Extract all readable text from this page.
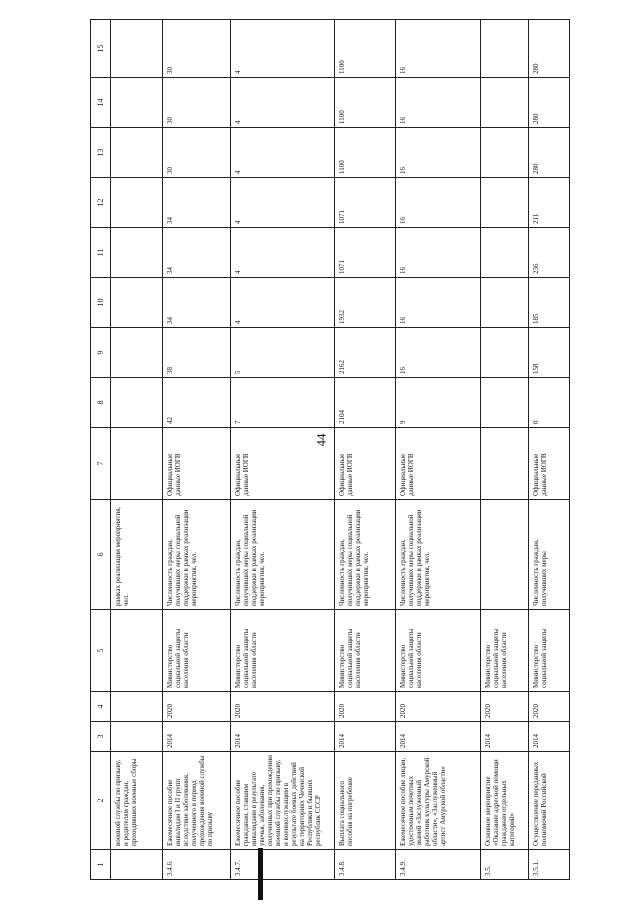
44
1	2	3	4	5	6	7	8	9	10	11	12	13	14	15
	военной службы по призыву, и родителям граждан, проходивших военные сборы				рамках реализации мероприятия, чел.									
3.4.6.	Ежемесячное пособие инвалидам I и II групп вследствие заболевания, полученного в период прохождения военной службы по призыву	2014	2020	Министерство социальной защиты населения области	Численность граждан, получивших меры социальной поддержки в рамках реализации мероприятия, чел.	Официальные данные ИОГВ	42	38	34	34	34	30	30	30
3.4.7.	Ежемесячное пособие гражданам, ставшим инвалидами в результате увечья, заболевания, полученных при прохождении военной службы по призыву, и военнослужащим в результате боевых действий на территориях Чеченской Республики и бывших республик СССР	2014	2020	Министерство социальной защиты населения области	Численность граждан, получивших меры социальной поддержки в рамках реализации мероприятия, чел.	Официальные данные ИОГВ	7	5	4	4	4	4	4	4
3.4.8.	Выплата социального пособия на погребение	2014	2020	Министерство социальной защиты населения области	Численность граждан, получивших меры социальной поддержки в рамках реализации мероприятия, чел.	Официальные данные ИОГВ	2104	2162	1932	1071	1071	1100	1100	1100
3.4.9.	Ежемесячное пособие лицам, удостоенным почетных званий «Заслуженный работник культуры Амурской области», «Заслуженный артист Амурской области»	2014	2020	Министерство социальной защиты населения области	Численность граждан, получивших меры социальной поддержки в рамках реализации мероприятия, чел.	Официальные данные ИОГВ	9	16	16	16	16	16	16	16
3.5.	Основное мероприятие «Оказание адресной помощи гражданам отдельных категорий»	2014	2020	Министерство социальной защиты населения области										
3.5.1.	Осуществление переданных полномочий Российской	2014	2020	Министерство социальной защиты	Численность граждан, получивших меры	Официальные данные ИОГВ	0	158	185	236	211	280	280	280
